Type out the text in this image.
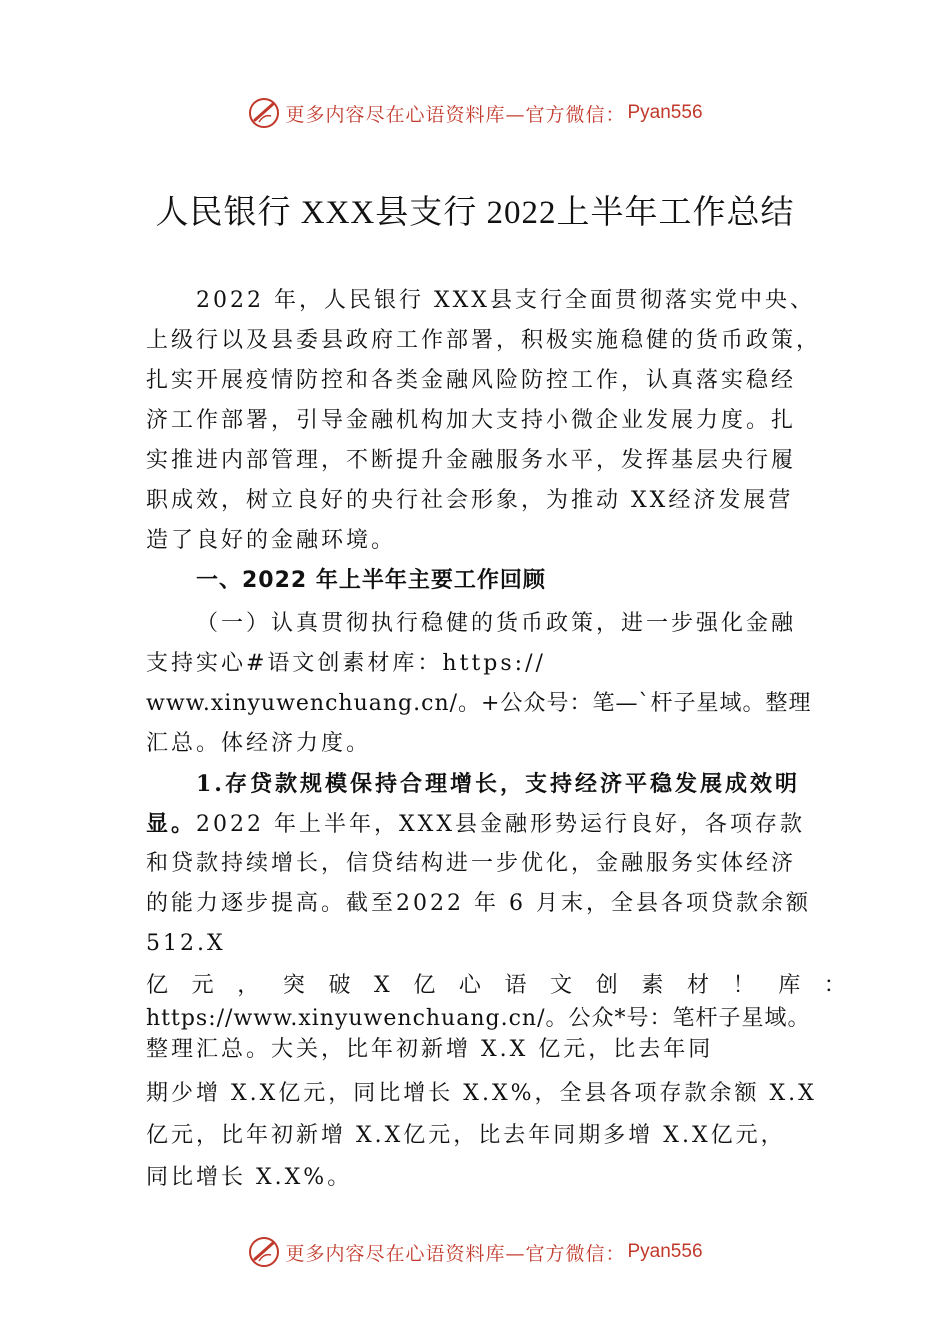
更多内容尽在心语资料库—官方微信： Pyan556
人民银行 XXX县支行 2022上半年工作总结
2022 年，人民银行 XXX县支行全面贯彻落实党中央、
上级行以及县委县政府工作部署，积极实施稳健的货币政策，
扎实开展疫情防控和各类金融风险防控工作，认真落实稳经
济工作部署，引导金融机构加大支持小微企业发展力度。扎
实推进内部管理，不断提升金融服务水平，发挥基层央行履
职成效，树立良好的央行社会形象，为推动 XX经济发展营
造了良好的金融环境。
一、2022 年上半年主要工作回顾
（一）认真贯彻执行稳健的货币政策，进一步强化金融
支持实心#语文创素材库：https://
www.xinyuwenchuang.cn/。+公众号：笔—`杆子星域。整理
汇总。体经济力度。
1.存贷款规模保持合理增长，支持经济平稳发展成效明
显。2022 年上半年，XXX县金融形势运行良好，各项存款
和贷款持续增长，信贷结构进一步优化，金融服务实体经济
的能力逐步提高。截至2022 年 6 月末，全县各项贷款余额
512.X
亿 元 ， 突 破 X 亿 心 语 文 创 素 材 ！ 库 ：
https://www.xinyuwenchuang.cn/。公众*号：笔杆子星域。
整理汇总。大关，比年初新增 X.X 亿元，比去年同
期少增 X.X亿元，同比增长 X.X%，全县各项存款余额 X.X
亿元，比年初新增 X.X亿元，比去年同期多增 X.X亿元，
同比增长 X.X%。
更多内容尽在心语资料库—官方微信： Pyan556
